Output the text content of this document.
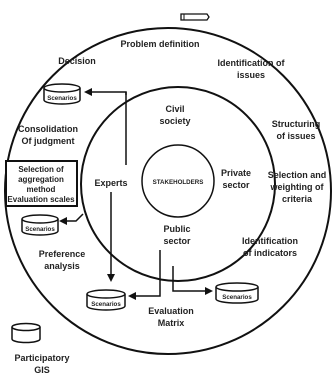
STAKEHOLDERS
Civil
society
Private
sector
Public
sector
Experts
Problem definition
Identification of
issues
Structuring
of issues
Selection and
weighting of
criteria
Identification
of indicators
Evaluation
Matrix
Preference
analysis
Consolidation
Of judgment
Decision
Selection of
aggregation
method
Evaluation scales
Scenarios
Scenarios
Scenarios
Scenarios
Participatory
GIS
